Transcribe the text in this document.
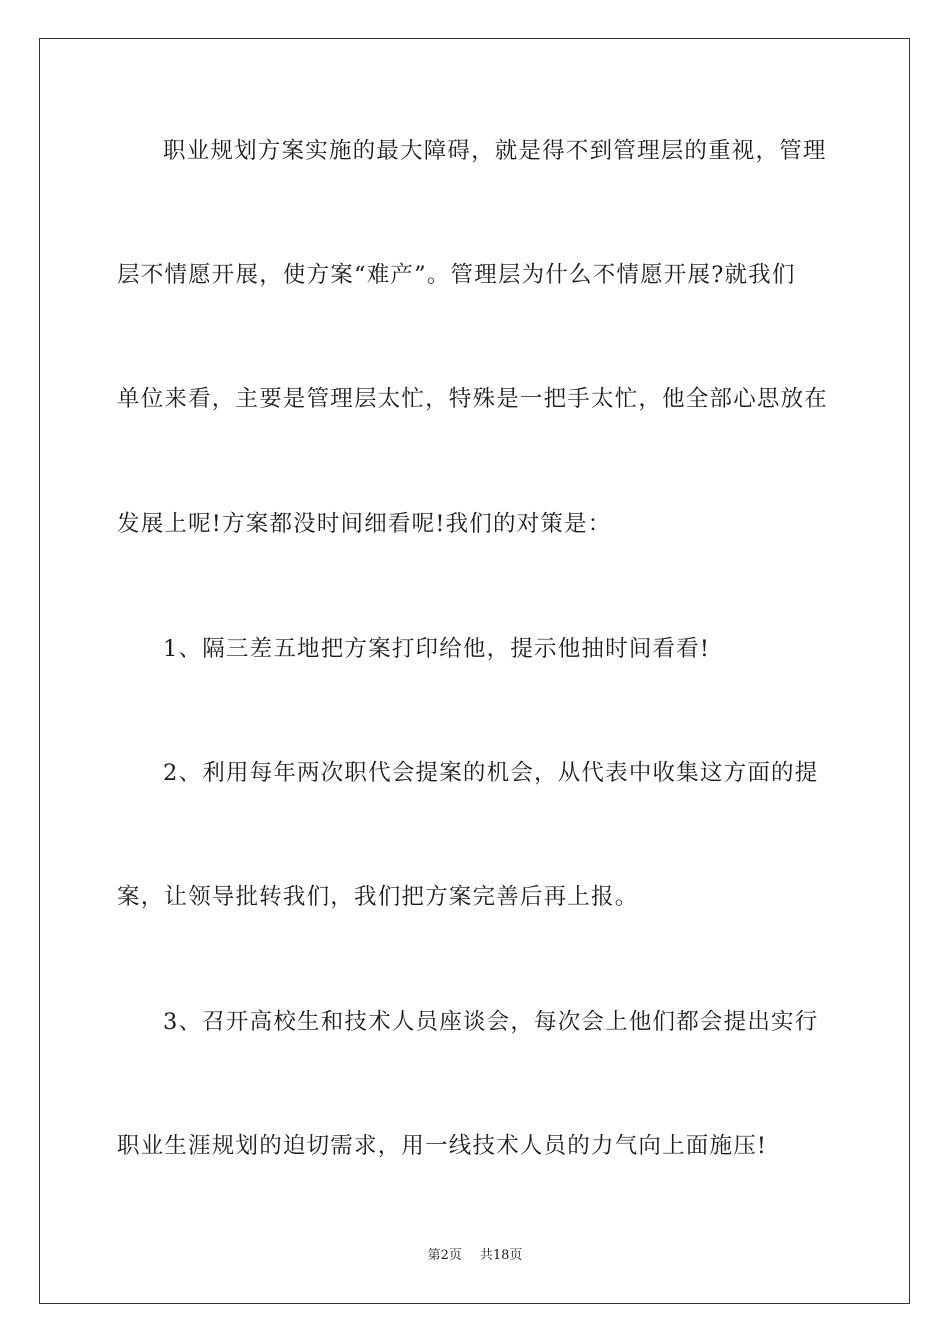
职业规划方案实施的最大障碍，就是得不到管理层的重视，管理
层不情愿开展，使方案“难产”。管理层为什么不情愿开展?就我们
单位来看，主要是管理层太忙，特殊是一把手太忙，他全部心思放在
发展上呢!方案都没时间细看呢!我们的对策是：
1、隔三差五地把方案打印给他，提示他抽时间看看!
2、利用每年两次职代会提案的机会，从代表中收集这方面的提
案，让领导批转我们，我们把方案完善后再上报。
3、召开高校生和技术人员座谈会，每次会上他们都会提出实行
职业生涯规划的迫切需求，用一线技术人员的力气向上面施压!
第2页 共18页
